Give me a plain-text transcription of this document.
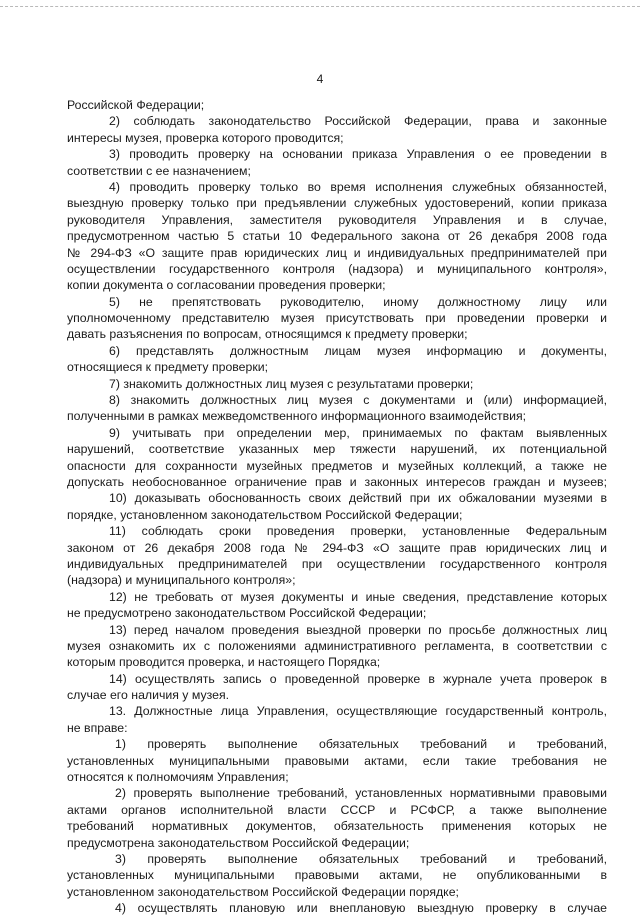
4
Российской Федерации;
2) соблюдать законодательство Российской Федерации, права и законные
интересы музея, проверка которого проводится;
3) проводить проверку на основании приказа Управления о ее проведении в
соответствии с ее назначением;
4) проводить проверку только во время исполнения служебных обязанностей,
выездную проверку только при предъявлении служебных удостоверений, копии приказа
руководителя Управления, заместителя руководителя Управления и в случае,
предусмотренном частью 5 статьи 10 Федерального закона от 26 декабря 2008 года
№ 294-ФЗ «О защите прав юридических лиц и индивидуальных предпринимателей при
осуществлении государственного контроля (надзора) и муниципального контроля»,
копии документа о согласовании проведения проверки;
5) не препятствовать руководителю, иному должностному лицу или
уполномоченному представителю музея присутствовать при проведении проверки и
давать разъяснения по вопросам, относящимся к предмету проверки;
6) представлять должностным лицам музея информацию и документы,
относящиеся к предмету проверки;
7) знакомить должностных лиц музея с результатами проверки;
8) знакомить должностных лиц музея с документами и (или) информацией,
полученными в рамках межведомственного информационного взаимодействия;
9) учитывать при определении мер, принимаемых по фактам выявленных
нарушений, соответствие указанных мер тяжести нарушений, их потенциальной
опасности для сохранности музейных предметов и музейных коллекций, а также не
допускать необоснованное ограничение прав и законных интересов граждан и музеев;
10) доказывать обоснованность своих действий при их обжаловании музеями в
порядке, установленном законодательством Российской Федерации;
11) соблюдать сроки проведения проверки, установленные Федеральным
законом от 26 декабря 2008 года № 294-ФЗ «О защите прав юридических лиц и
индивидуальных предпринимателей при осуществлении государственного контроля
(надзора) и муниципального контроля»;
12) не требовать от музея документы и иные сведения, представление которых
не предусмотрено законодательством Российской Федерации;
13) перед началом проведения выездной проверки по просьбе должностных лиц
музея ознакомить их с положениями административного регламента, в соответствии с
которым проводится проверка, и настоящего Порядка;
14) осуществлять запись о проведенной проверке в журнале учета проверок в
случае его наличия у музея.
13. Должностные лица Управления, осуществляющие государственный контроль,
не вправе:
1) проверять выполнение обязательных требований и требований,
установленных муниципальными правовыми актами, если такие требования не
относятся к полномочиям Управления;
2) проверять выполнение требований, установленных нормативными правовыми
актами органов исполнительной власти СССР и РСФСР, а также выполнение
требований нормативных документов, обязательность применения которых не
предусмотрена законодательством Российской Федерации;
3) проверять выполнение обязательных требований и требований,
установленных муниципальными правовыми актами, не опубликованными в
установленном законодательством Российской Федерации порядке;
4) осуществлять плановую или внеплановую выездную проверку в случае
